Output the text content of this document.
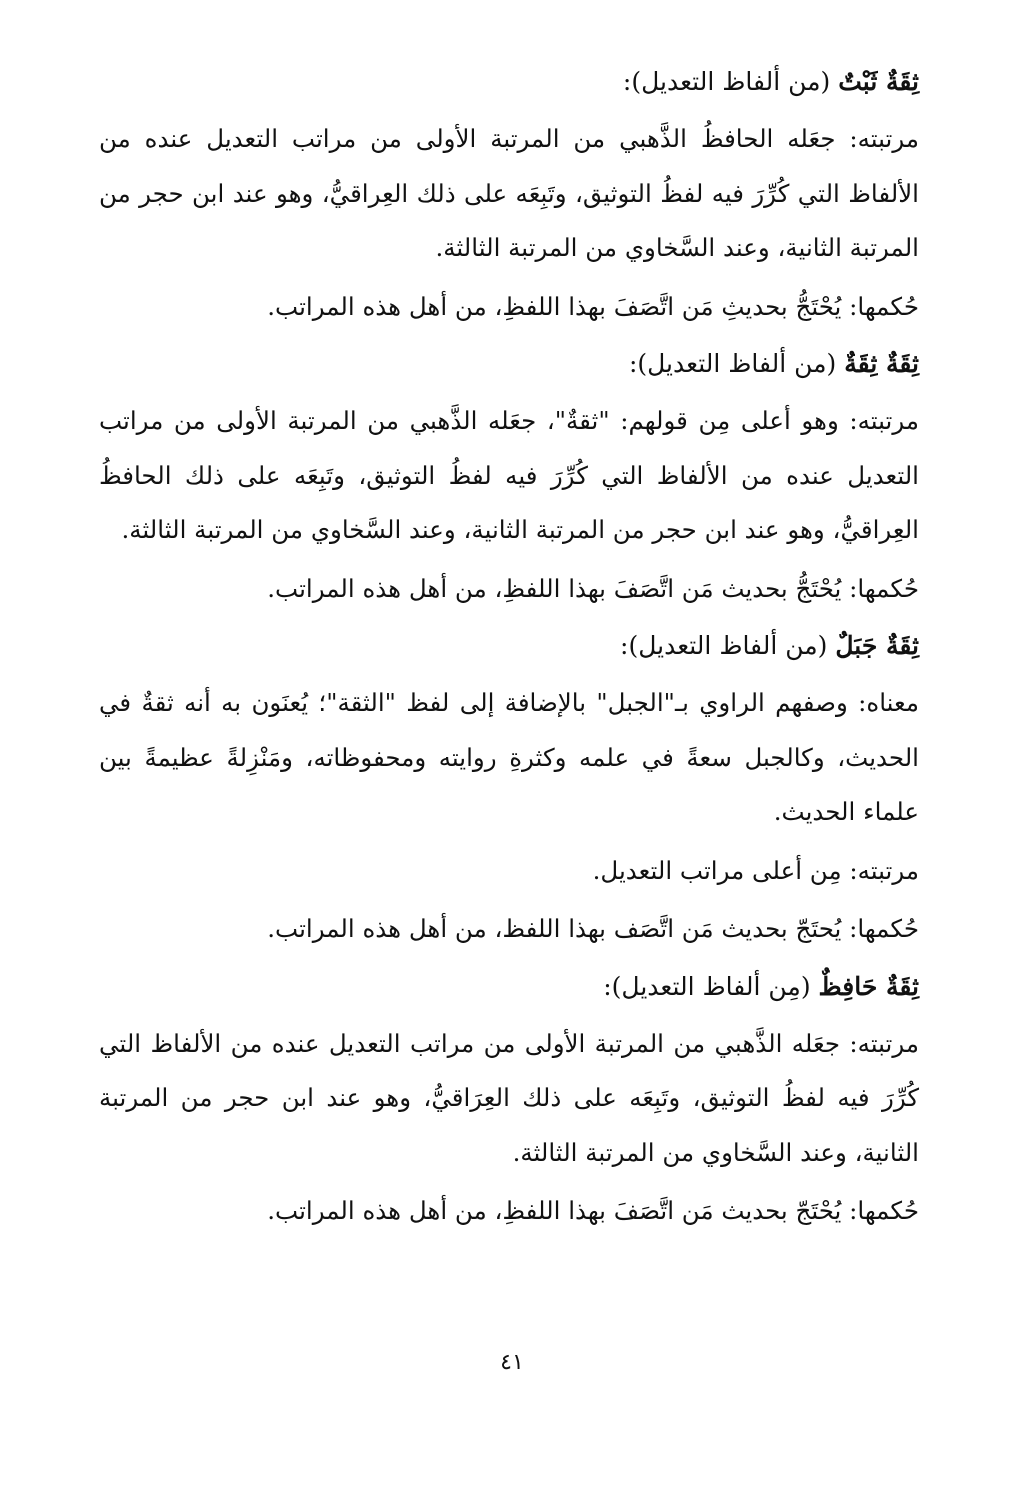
ثِقَةٌ ثَبْتٌ (من ألفاظ التعديل):

مرتبته: جعَله الحافظُ الذَّهبي من المرتبة الأولى من مراتب التعديل عنده من الألفاظ التي كُرِّرَ فيه لفظُ التوثيق، وتَبِعَه على ذلك العِراقيُّ، وهو عند ابن حجر من المرتبة الثانية، وعند السَّخاوي من المرتبة الثالثة.

حُكمها: يُحْتَجُّ بحديثِ مَن اتَّصَفَ بهذا اللفظِ، من أهل هذه المراتب.

ثِقَةٌ ثِقَةٌ (من ألفاظ التعديل):

مرتبته: وهو أعلى مِن قولهم: "ثقةٌ"، جعَله الذَّهبي من المرتبة الأولى من مراتب التعديل عنده من الألفاظ التي كُرِّرَ فيه لفظُ التوثيق، وتَبِعَه على ذلك الحافظُ العِراقيُّ، وهو عند ابن حجر من المرتبة الثانية، وعند السَّخاوي من المرتبة الثالثة.

حُكمها: يُحْتَجُّ بحديث مَن اتَّصَفَ بهذا اللفظِ، من أهل هذه المراتب.

ثِقَةٌ جَبَلٌ (من ألفاظ التعديل):

معناه: وصفهم الراوي بـ"الجبل" بالإضافة إلى لفظ "الثقة"؛ يُعنَون به أنه ثقةٌ في الحديث، وكالجبل سعةً في علمه وكثرةِ روايته ومحفوظاته، ومَنْزِلةً عظيمةً بين علماء الحديث.

مرتبته: مِن أعلى مراتب التعديل.

حُكمها: يُحتَجّ بحديث مَن اتَّصَف بهذا اللفظ، من أهل هذه المراتب.

ثِقَةٌ حَافِظٌ (مِن ألفاظ التعديل):

مرتبته: جعَله الذَّهبي من المرتبة الأولى من مراتب التعديل عنده من الألفاظ التي كُرِّرَ فيه لفظُ التوثيق، وتَبِعَه على ذلك العِرَاقيُّ، وهو عند ابن حجر من المرتبة الثانية، وعند السَّخاوي من المرتبة الثالثة.

حُكمها: يُحْتَجّ بحديث مَن اتَّصَفَ بهذا اللفظِ، من أهل هذه المراتب.

٤١
